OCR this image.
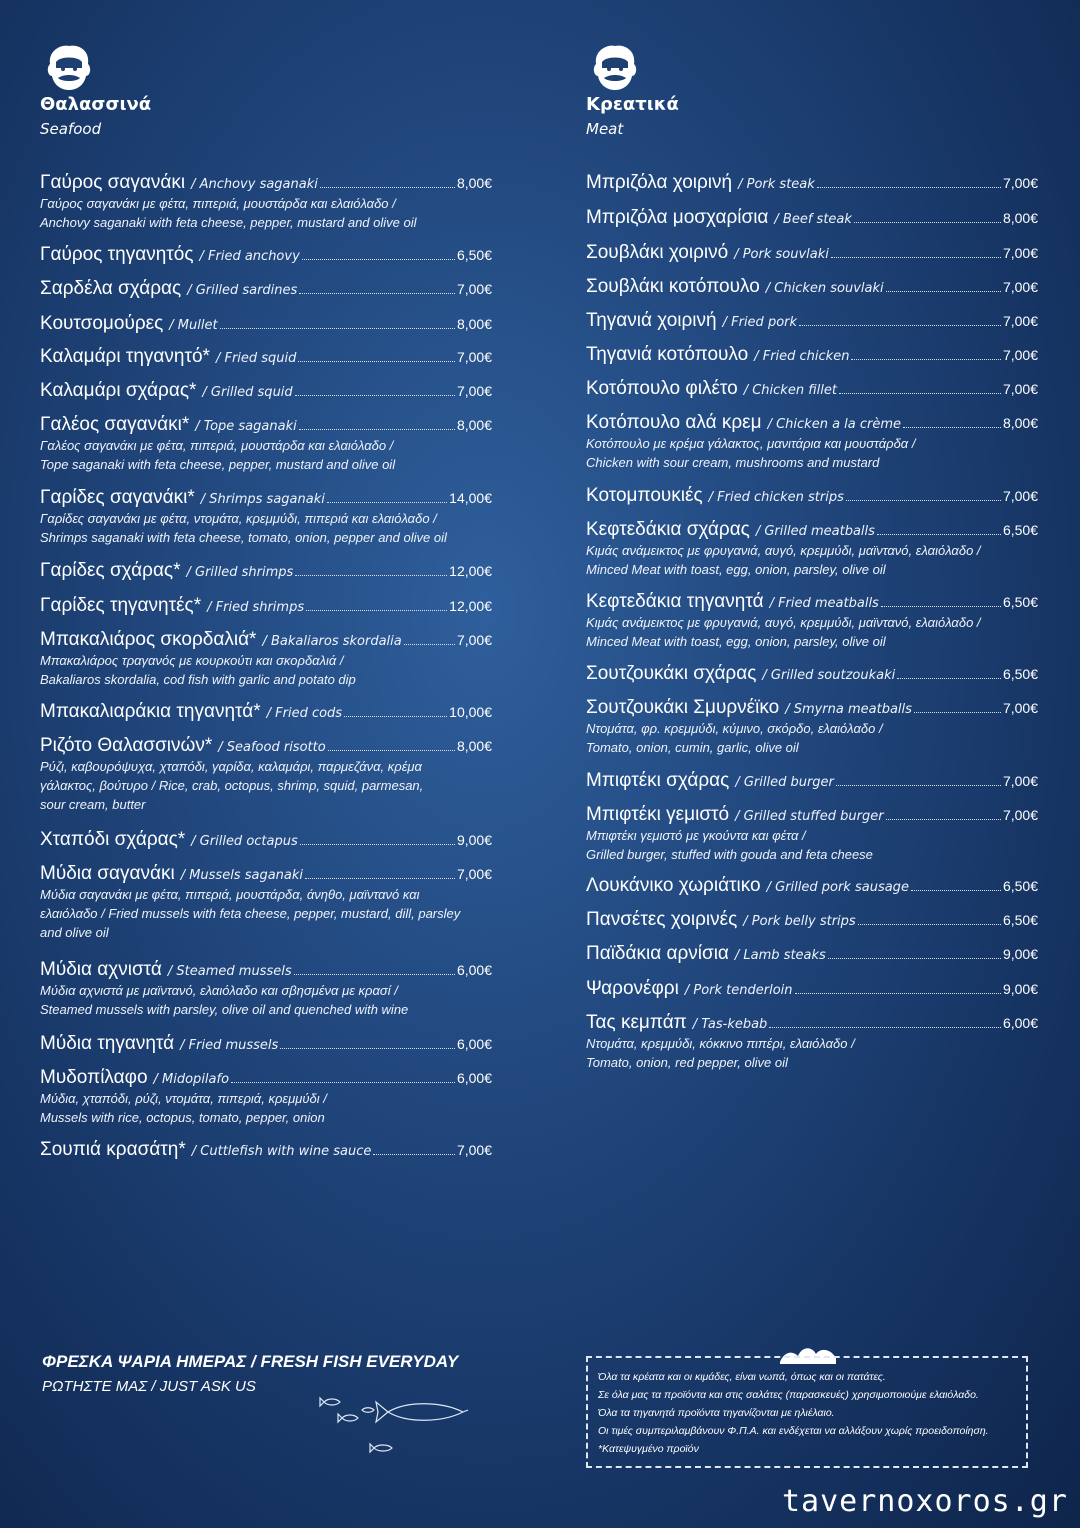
Θαλασσινά
Seafood
Γαύρος σαγανάκι / Anchovy saganaki	8,00€
Γαύρος σαγανάκι με φέτα, πιπεριά, μουστάρδα και ελαιόλαδο /
Anchovy saganaki with feta cheese, pepper, mustard and olive oil
Γαύρος τηγανητός / Fried anchovy	6,50€
Σαρδέλα σχάρας / Grilled sardines	7,00€
Κουτσομούρες / Mullet	8,00€
Καλαμάρι τηγανητό* / Fried squid	7,00€
Καλαμάρι σχάρας* / Grilled squid	7,00€
Γαλέος σαγανάκι* / Tope saganaki	8,00€
Γαλέος σαγανάκι με φέτα, πιπεριά, μουστάρδα και ελαιόλαδο /
Tope saganaki with feta cheese, pepper, mustard and olive oil
Γαρίδες σαγανάκι* / Shrimps saganaki	14,00€
Γαρίδες σαγανάκι με φέτα, ντομάτα, κρεμμύδι, πιπεριά και ελαιόλαδο /
Shrimps saganaki with feta cheese, tomato, onion, pepper and olive oil
Γαρίδες σχάρας* / Grilled shrimps	12,00€
Γαρίδες τηγανητές* / Fried shrimps	12,00€
Μπακαλιάρος σκορδαλιά* / Bakaliaros skordalia	7,00€
Μπακαλιάρος τραγανός με κουρκούτι και σκορδαλιά /
Bakaliaros skordalia, cod fish with garlic and potato dip
Μπακαλιαράκια τηγανητά* / Fried cods	10,00€
Ριζότο Θαλασσινών* / Seafood risotto	8,00€
Ρύζι, καβουρόψυχα, χταπόδι, γαρίδα, καλαμάρι, παρμεζάνα, κρέμα
γάλακτος, βούτυρο / Rice, crab, octopus, shrimp, squid, parmesan,
sour cream, butter
Χταπόδι σχάρας* / Grilled octapus	9,00€
Μύδια σαγανάκι / Mussels saganaki	7,00€
Μύδια σαγανάκι με φέτα, πιπεριά, μουστάρδα, άνηθο, μαϊντανό και
ελαιόλαδο / Fried mussels with feta cheese, pepper, mustard, dill, parsley
and olive oil
Μύδια αχνιστά / Steamed mussels	6,00€
Μύδια αχνιστά με μαϊντανό, ελαιόλαδο και σβησμένα με κρασί /
Steamed mussels with parsley, olive oil and quenched with wine
Μύδια τηγανητά / Fried mussels	6,00€
Μυδοπίλαφο / Midopilafo	6,00€
Μύδια, χταπόδι, ρύζι, ντομάτα, πιπεριά, κρεμμύδι /
Mussels with rice, octopus, tomato, pepper, onion
Σουπιά κρασάτη* / Cuttlefish with wine sauce	7,00€
Κρεατικά
Meat
Μπριζόλα χοιρινή / Pork steak	7,00€
Μπριζόλα μοσχαρίσια / Beef steak	8,00€
Σουβλάκι χοιρινό / Pork souvlaki	7,00€
Σουβλάκι κοτόπουλο / Chicken souvlaki	7,00€
Τηγανιά χοιρινή / Fried pork	7,00€
Τηγανιά κοτόπουλο / Fried chicken	7,00€
Κοτόπουλο φιλέτο / Chicken fillet	7,00€
Κοτόπουλο αλά κρεμ / Chicken a la crème	8,00€
Κοτόπουλο με κρέμα γάλακτος, μανιτάρια και μουστάρδα /
Chicken with sour cream, mushrooms and mustard
Κοτομπουκιές / Fried chicken strips	7,00€
Κεφτεδάκια σχάρας / Grilled meatballs	6,50€
Κιμάς ανάμεικτος με φρυγανιά, αυγό, κρεμμύδι, μαϊντανό, ελαιόλαδο /
Minced Meat with toast, egg, onion, parsley, olive oil
Κεφτεδάκια τηγανητά / Fried meatballs	6,50€
Κιμάς ανάμεικτος με φρυγανιά, αυγό, κρεμμύδι, μαϊντανό, ελαιόλαδο /
Minced Meat with toast, egg, onion, parsley, olive oil
Σουτζουκάκι σχάρας / Grilled soutzoukaki	6,50€
Σουτζουκάκι Σμυρνέϊκο / Smyrna meatballs	7,00€
Ντομάτα, φρ. κρεμμύδι, κύμινο, σκόρδο, ελαιόλαδο /
Tomato, onion, cumin, garlic, olive oil
Μπιφτέκι σχάρας / Grilled burger	7,00€
Μπιφτέκι γεμιστό / Grilled stuffed burger	7,00€
Μπιφτέκι γεμιστό με γκούντα και φέτα /
Grilled burger, stuffed with gouda and feta cheese
Λουκάνικο χωριάτικο / Grilled pork sausage	6,50€
Πανσέτες χοιρινές / Pork belly strips	6,50€
Παϊδάκια αρνίσια / Lamb steaks	9,00€
Ψαρονέφρι / Pork tenderloin	9,00€
Τας κεμπάπ / Tas-kebab	6,00€
Ντομάτα, κρεμμύδι, κόκκινο πιπέρι, ελαιόλαδο /
Tomato, onion, red pepper, olive oil
ΦΡΕΣΚΑ ΨΑΡΙΑ ΗΜΕΡΑΣ / FRESH FISH EVERYDAY
ΡΩΤΗΣΤΕ ΜΑΣ / JUST ASK US
Όλα τα κρέατα και οι κιμάδες, είναι νωπά, όπως και οι πατάτες.
Σε όλα μας τα προϊόντα και στις σαλάτες (παρασκευές) χρησιμοποιούμε ελαιόλαδο.
Όλα τα τηγανητά προϊόντα τηγανίζονται με ηλιέλαιο.
Οι τιμές συμπεριλαμβάνουν Φ.Π.Α. και ενδέχεται να αλλάξουν χωρίς προειδοποίηση.
*Κατεψυγμένο προϊόν
tavernoxoros.gr
